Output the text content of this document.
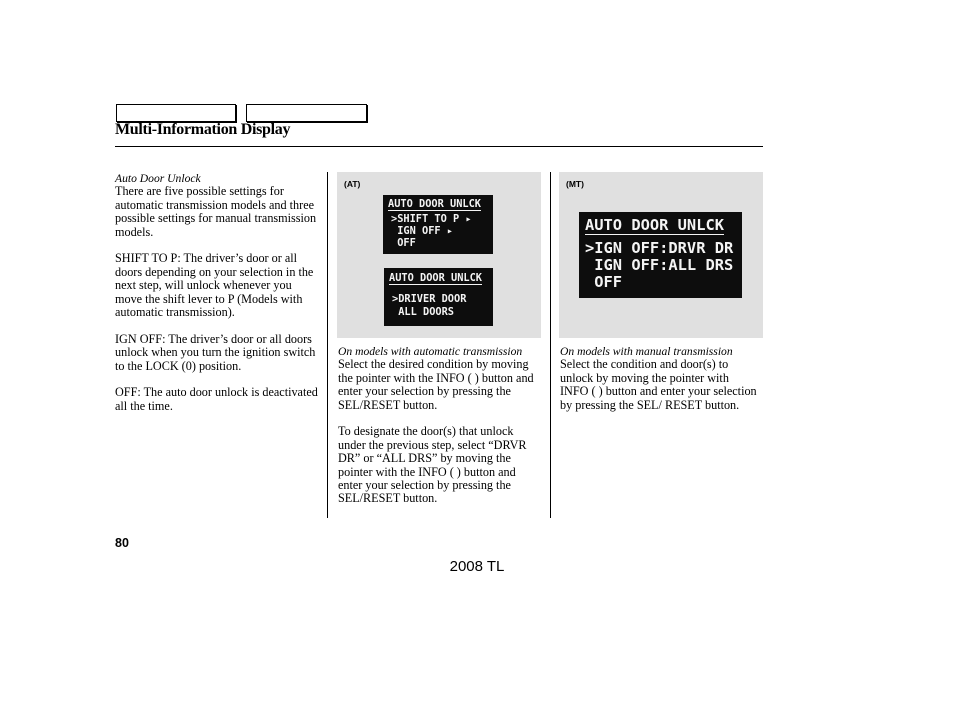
Multi-Information Display
Auto Door Unlock

There are five possible settings for automatic transmission models and three possible settings for manual transmission models.

SHIFT TO P: The driver’s door or all doors depending on your selection in the next step, will unlock whenever you move the shift lever to P (Models with automatic transmission).

IGN OFF: The driver’s door or all doors unlock when you turn the ignition switch to the LOCK (0) position.

OFF: The auto door unlock is deactivated all the time.

(AT)
AUTO DOOR UNLCK
>SHIFT TO P ▸
IGN OFF ▸
OFF
AUTO DOOR UNLCK
>DRIVER DOOR
ALL DOORS
On models with automatic transmission

Select the desired condition by moving the pointer with the INFO ( ) button and enter your selection by pressing the SEL/RESET button.

To designate the door(s) that unlock under the previous step, select “DRVR DR” or “ALL DRS” by moving the pointer with the INFO ( ) button and enter your selection by pressing the SEL/RESET button.

(MT)
AUTO DOOR UNLCK
>IGN OFF:DRVR DR
IGN OFF:ALL DRS
OFF
On models with manual transmission

Select the condition and door(s) to unlock by moving the pointer with INFO ( ) button and enter your selection by pressing the SEL/ RESET button.

80
2008 TL
